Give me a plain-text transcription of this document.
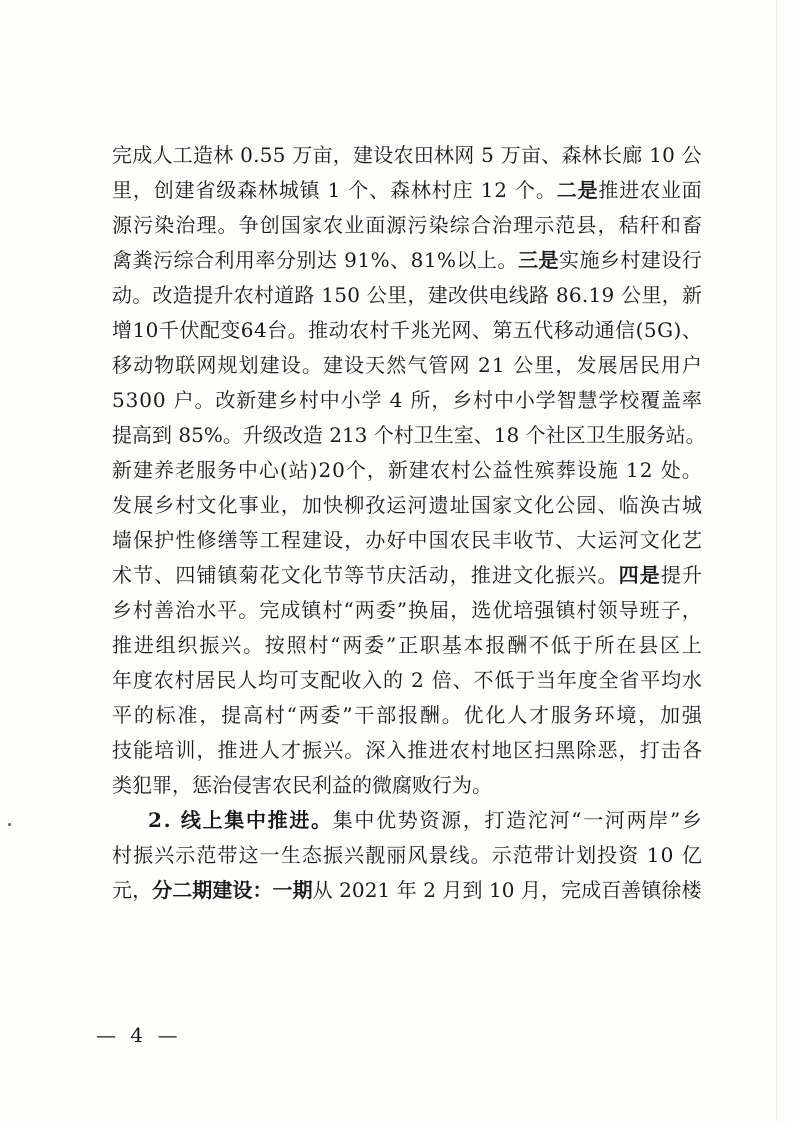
完 成 人 工 造 林
0 . 5 5
万 亩 ， 建 设 农 田 林 网
5
万 亩 、 森 林 长 廊
1 0
公
里 ， 创 建 省 级 森 林 城 镇
1
个 、 森 林 村 庄
1 2
个 。 二 是 推 进 农 业 面
源 污 染 治 理 。 争 创 国 家 农 业 面 源 污 染 综 合 治 理 示 范 县 ， 秸 秆 和 畜
禽 粪 污 综 合 利 用 率 分 别 达
9 1 % 、 8 1 % 以 上 。 三 是 实 施 乡 村 建 设 行
动 。 改 造 提 升 农 村 道 路
1 5 0
公 里 ， 建 改 供 电 线 路
8 6 . 1 9
公 里 ， 新
增 1 0 千 伏 配 变 6 4 台 。 推 动 农 村 千 兆 光 网 、 第 五 代 移 动 通 信 ( 5 G ) 、
移 动 物 联 网 规 划 建 设 。 建 设 天 然 气 管 网
2 1
公 里 ， 发 展 居 民 用 户
5 3 0 0
户 。 改 新 建 乡 村 中 小 学
4
所 ， 乡 村 中 小 学 智 慧 学 校 覆 盖 率
提 高 到
8 5 % 。 升 级 改 造
2 1 3
个 村 卫 生 室 、 1 8
个 社 区 卫 生 服 务 站 。
新 建 养 老 服 务 中 心 ( 站 ) 2 0 个 ， 新 建 农 村 公 益 性 殡 葬 设 施
1 2
处 。
发 展 乡 村 文 化 事 业 ， 加 快 柳 孜 运 河 遗 址 国 家 文 化 公 园 、 临 涣 古 城
墙 保 护 性 修 缮 等 工 程 建 设 ， 办 好 中 国 农 民 丰 收 节 、 大 运 河 文 化 艺
术 节 、 四 铺 镇 菊 花 文 化 节 等 节 庆 活 动 ， 推 进 文 化 振 兴 。 四 是 提 升
乡 村 善 治 水 平 。 完 成 镇 村 “ 两 委 ” 换 届 ， 选 优 培 强 镇 村 领 导 班 子 ，
推 进 组 织 振 兴 。 按 照 村 “ 两 委 ” 正 职 基 本 报 酬 不 低 于 所 在 县 区 上
年 度 农 村 居 民 人 均 可 支 配 收 入 的
2
倍 、 不 低 于 当 年 度 全 省 平 均 水
平 的 标 准 ， 提 高 村 “ 两 委 ” 干 部 报 酬 。 优 化 人 才 服 务 环 境 ， 加 强
技 能 培 训 ， 推 进 人 才 振 兴 。 深 入 推 进 农 村 地 区 扫 黑 除 恶 ， 打 击 各
类 犯 罪 ， 惩 治 侵 害 农 民 利 益 的 微 腐 败 行 为 。
2 .
线 上 集 中 推 进 。 集 中 优 势 资 源 ， 打 造 沱 河 “ 一 河 两 岸 ” 乡
村 振 兴 示 范 带 这 一 生 态 振 兴 靓 丽 风 景 线 。 示 范 带 计 划 投 资
1 0
亿
元 ， 分 二 期 建 设 ： 一 期 从
2 0 2 1
年
2
月 到
1 0
月 ， 完 成 百 善 镇 徐 楼
— 4 —
